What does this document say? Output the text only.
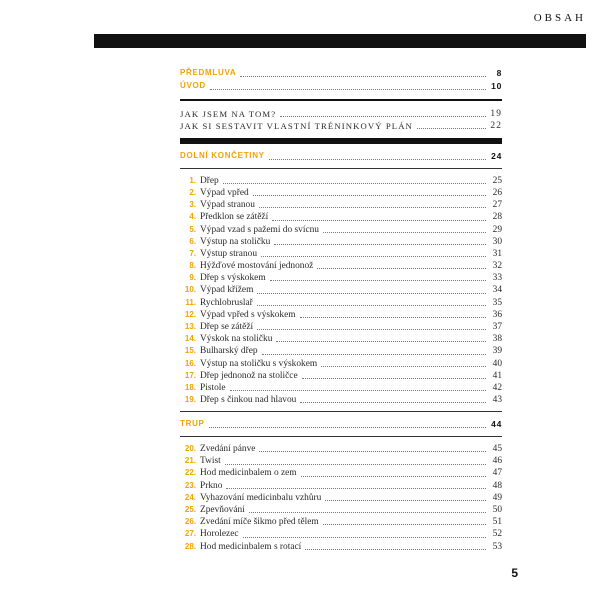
OBSAH
PŘEDMLUVA	8
ÚVOD	10
JAK JSEM NA TOM?	19
JAK SI SESTAVIT VLASTNÍ TRÉNINKOVÝ PLÁN	22
DOLNÍ KONČETINY	24
1. Dřep	25
2. Výpad vpřed	26
3. Výpad stranou	27
4. Předklon se zátěží	28
5. Výpad vzad s pažemi do svícnu	29
6. Výstup na stoličku	30
7. Výstup stranou	31
8. Hýžďové mostování jednonož	32
9. Dřep s výskokem	33
10. Výpad křížem	34
11. Rychlobruslař	35
12. Výpad vpřed s výskokem	36
13. Dřep se zátěží	37
14. Výskok na stoličku	38
15. Bulharský dřep	39
16. Výstup na stoličku s výskokem	40
17. Dřep jednonož na stoličce	41
18. Pistole	42
19. Dřep s činkou nad hlavou	43
TRUP	44
20. Zvedání pánve	45
21. Twist	46
22. Hod medicinbalem o zem	47
23. Prkno	48
24. Vyhazování medicinbalu vzhůru	49
25. Zpevňování	50
26. Zvedání míče šikmo před tělem	51
27. Horolezec	52
28. Hod medicinbalem s rotací	53
5
